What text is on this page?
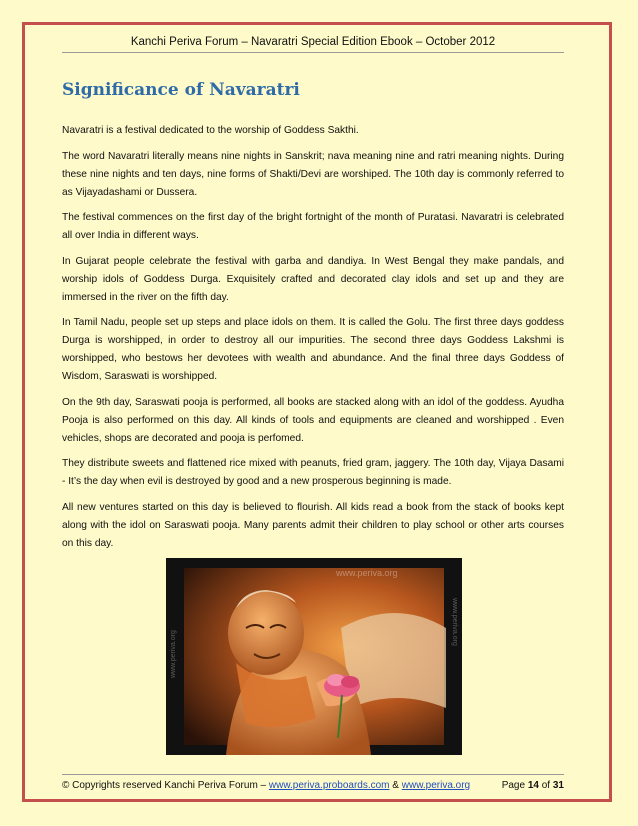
Kanchi Periva Forum – Navaratri Special Edition Ebook – October 2012
Significance of Navaratri

Navaratri is a festival dedicated to the worship of Goddess Sakthi.

The word Navaratri literally means nine nights in Sanskrit; nava meaning nine and ratri meaning nights. During these nine nights and ten days, nine forms of Shakti/Devi are worshiped. The 10th day is commonly referred to as Vijayadashami or Dussera.

The festival commences on the first day of the bright fortnight of the month of Puratasi. Navaratri is celebrated all over India in different ways.

In Gujarat people celebrate the festival with garba and dandiya. In West Bengal they make pandals, and worship idols of Goddess Durga. Exquisitely crafted and decorated clay idols and set up and they are immersed in the river on the fifth day.

In Tamil Nadu, people set up steps and place idols on them. It is called the Golu. The first three days goddess Durga is worshipped, in order to destroy all our impurities. The second three days Goddess Lakshmi is worshipped, who bestows her devotees with wealth and abundance. And the final three days Goddess of Wisdom, Saraswati is worshipped.

On the 9th day, Saraswati pooja is performed, all books are stacked along with an idol of the goddess. Ayudha Pooja is also performed on this day. All kinds of tools and equipments are cleaned and worshipped . Even vehicles, shops are decorated and pooja is perfomed.

They distribute sweets and flattened rice mixed with peanuts, fried gram, jaggery. The 10th day, Vijaya Dasami - It’s the day when evil is destroyed by good and a new prosperous beginning is made.

All new ventures started on this day is believed to flourish. All kids read a book from the stack of books kept along with the idol on Saraswati pooja. Many parents admit their children to play school or other arts courses on this day.

www.periva.org
www.periva.org
www.periva.org
© Copyrights reserved Kanchi Periva Forum – www.periva.proboards.com & www.periva.org	Page 14 of 31
